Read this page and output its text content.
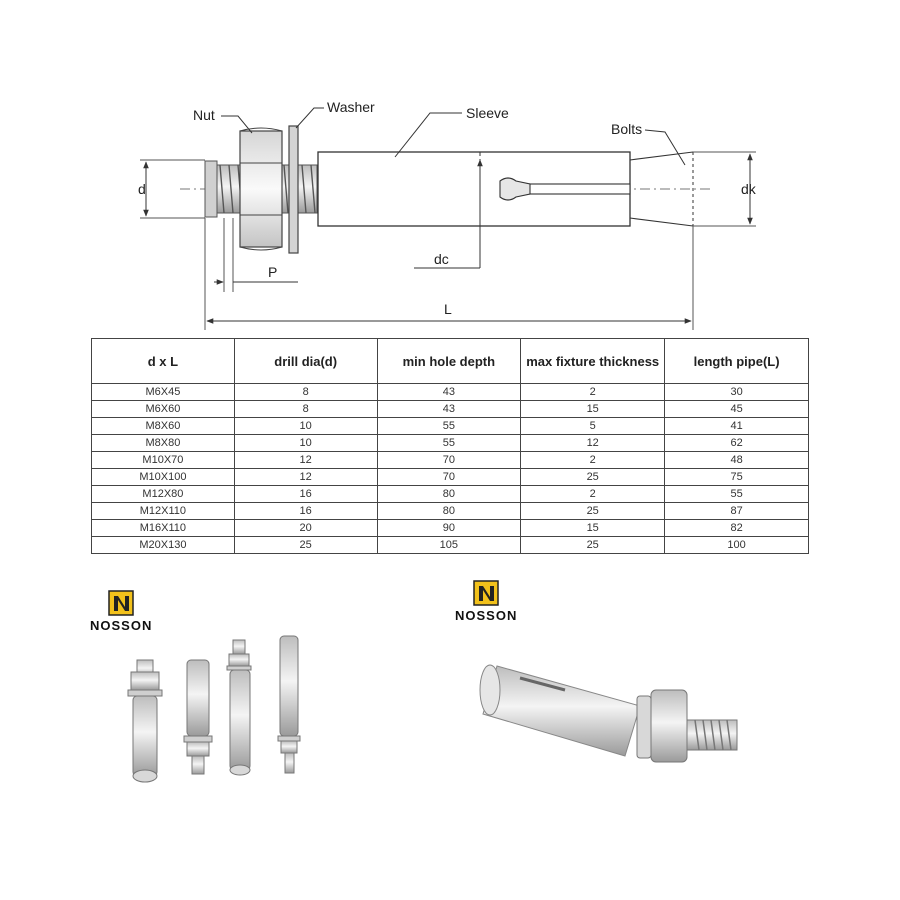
Nut	Washer	Sleeve
Bolts
d	dk
dc
P
L
d x L	drill dia(d)	min hole depth	max fixture thickness	length pipe(L)
M6X45	8	43	2	30
M6X60	8	43	15	45
M8X60	10	55	5	41
M8X80	10	55	12	62
M10X70	12	70	2	48
M10X100	12	70	25	75
M12X80	16	80	2	55
M12X110	16	80	25	87
M16X110	20	90	15	82
M20X130	25	105	25	100
NOSSON
NOSSON
